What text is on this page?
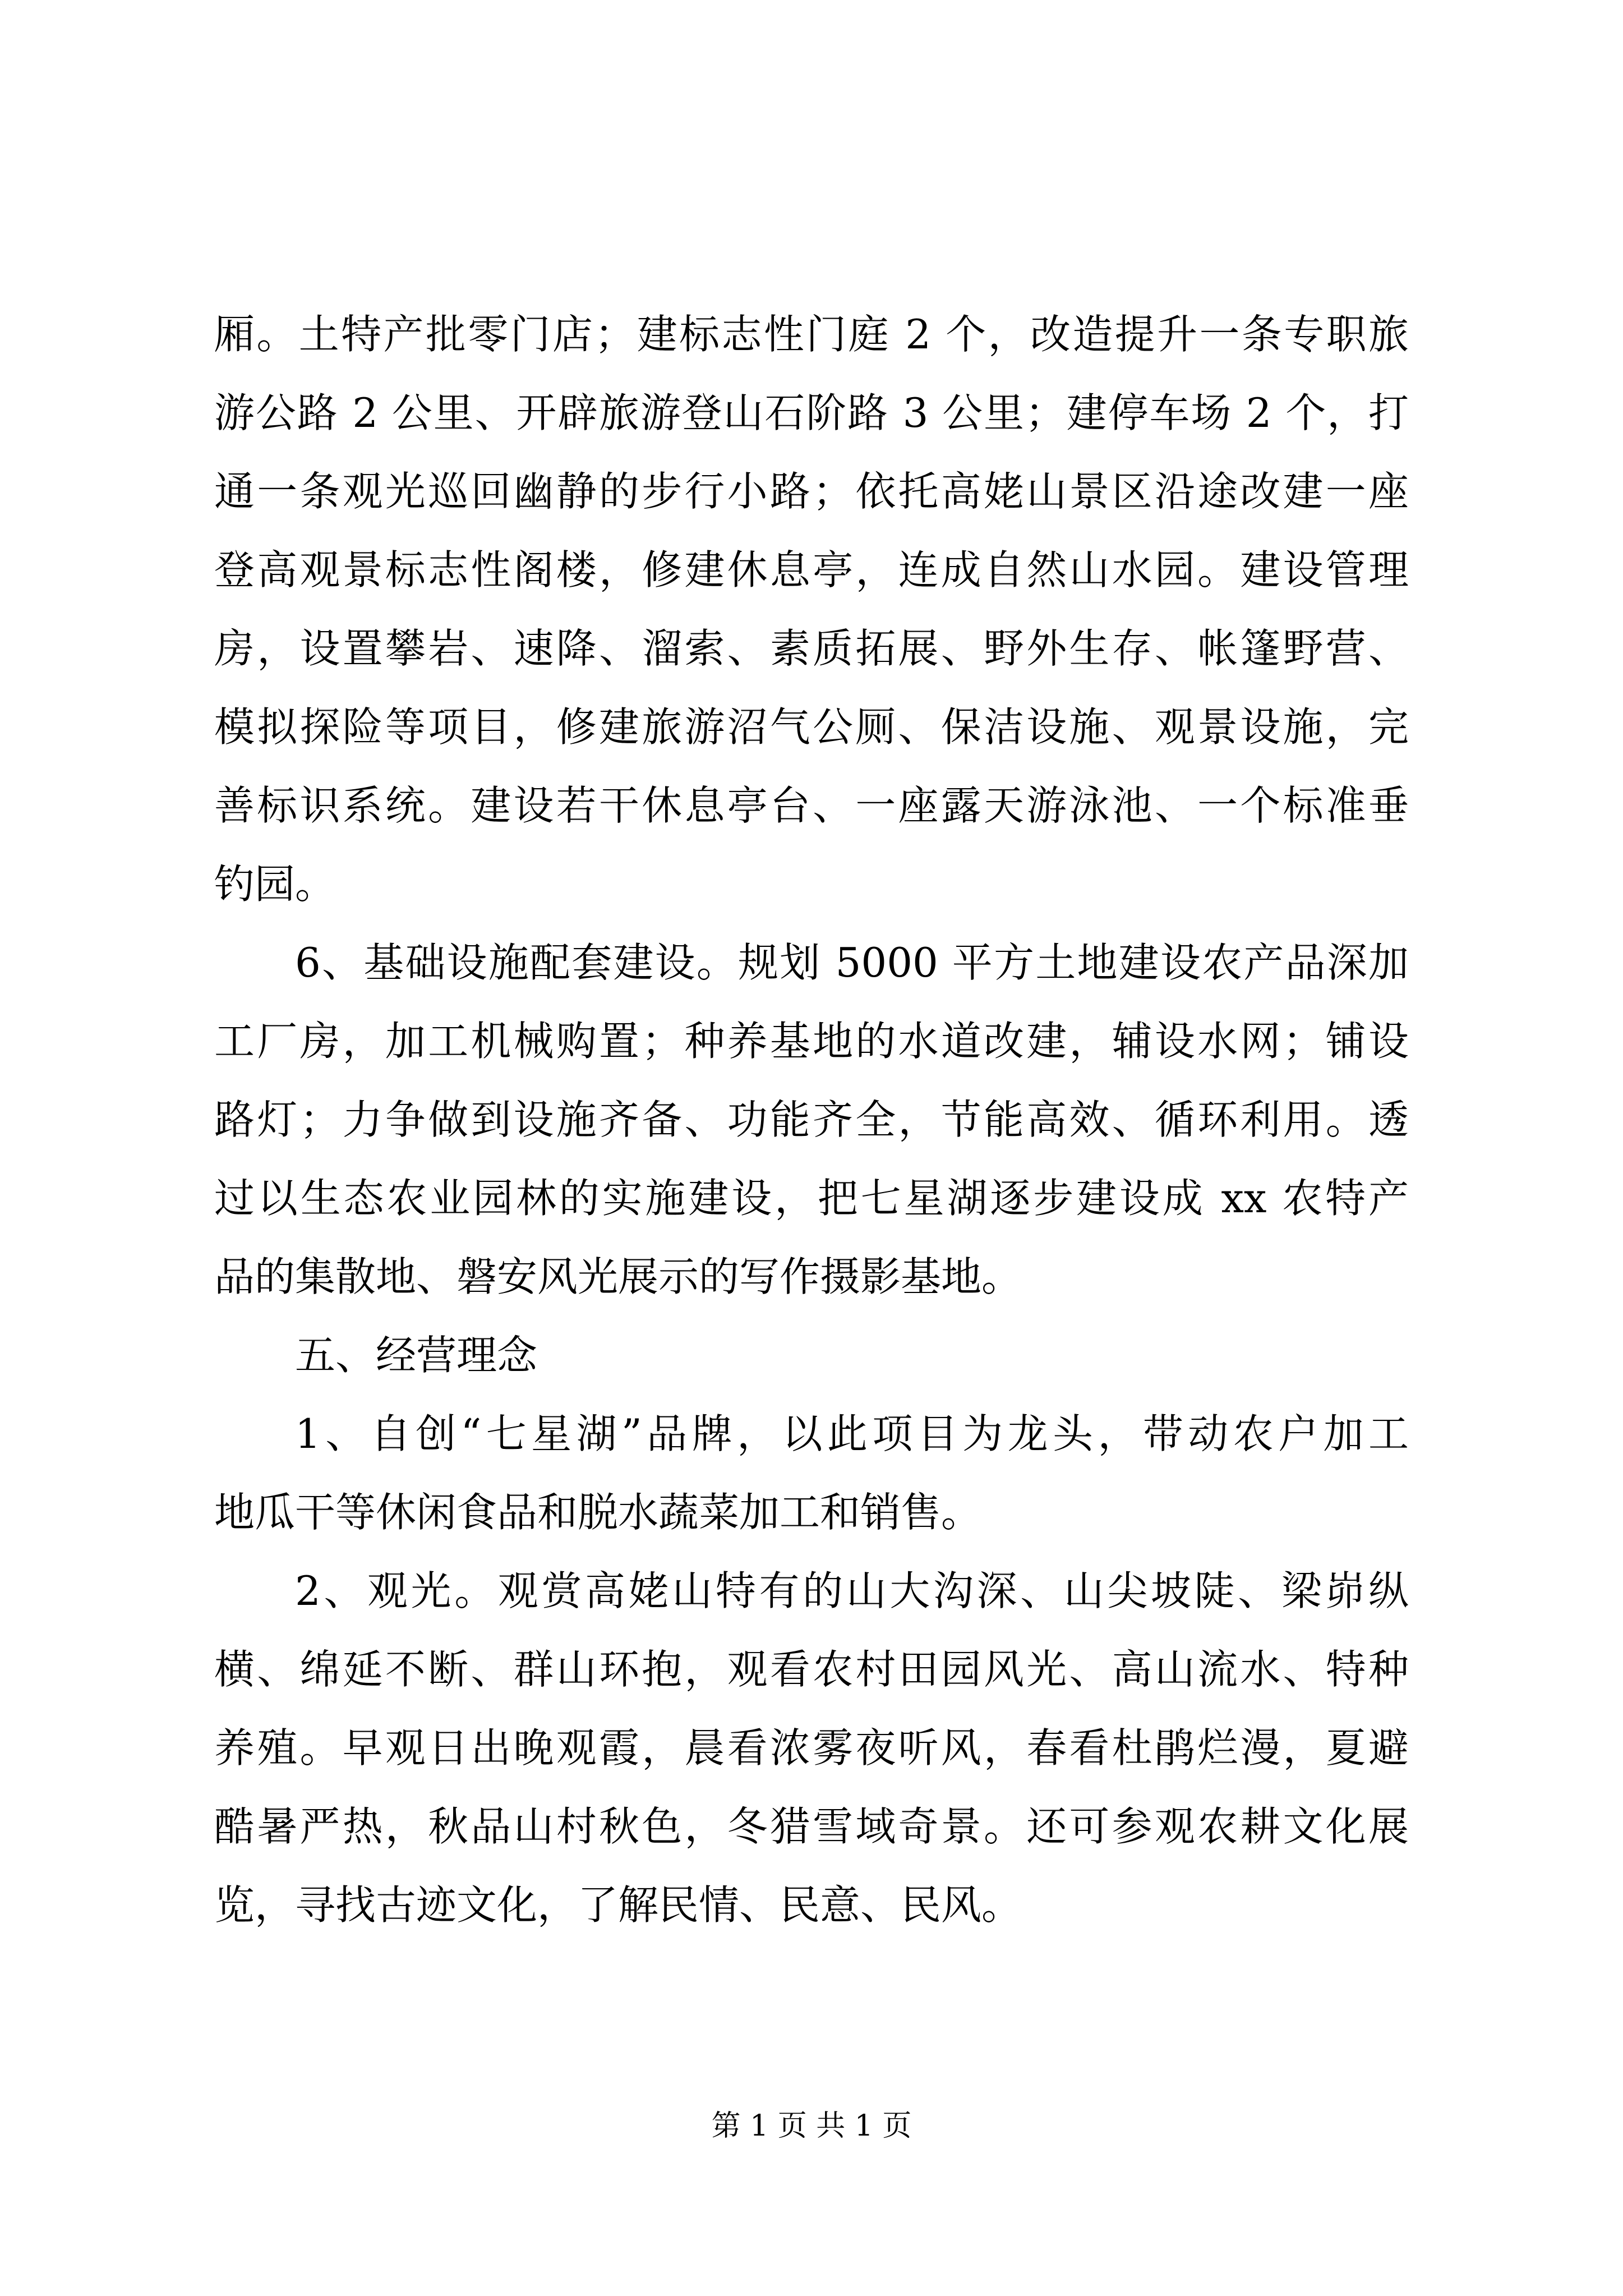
厢。土特产批零门店；建标志性门庭 2 个，改造提升一条专职旅
游公路 2 公里、开辟旅游登山石阶路 3 公里；建停车场 2 个，打
通一条观光巡回幽静的步行小路；依托高姥山景区沿途改建一座
登高观景标志性阁楼，修建休息亭，连成自然山水园。建设管理
房，设置攀岩、速降、溜索、素质拓展、野外生存、帐篷野营、
模拟探险等项目，修建旅游沼气公厕、保洁设施、观景设施，完
善标识系统。建设若干休息亭台、一座露天游泳池、一个标准垂
钓园。
6、基础设施配套建设。规划 5000 平方土地建设农产品深加
工厂房，加工机械购置；种养基地的水道改建，辅设水网；铺设
路灯；力争做到设施齐备、功能齐全，节能高效、循环利用。透
过以生态农业园林的实施建设，把七星湖逐步建设成 xx 农特产
品的集散地、磐安风光展示的写作摄影基地。
五、经营理念
1、自创“七星湖”品牌，以此项目为龙头，带动农户加工
地瓜干等休闲食品和脱水蔬菜加工和销售。
2、观光。观赏高姥山特有的山大沟深、山尖坡陡、梁峁纵
横、绵延不断、群山环抱，观看农村田园风光、高山流水、特种
养殖。早观日出晚观霞，晨看浓雾夜听风，春看杜鹃烂漫，夏避
酷暑严热，秋品山村秋色，冬猎雪域奇景。还可参观农耕文化展
览，寻找古迹文化，了解民情、民意、民风。
第 1 页 共 1 页
